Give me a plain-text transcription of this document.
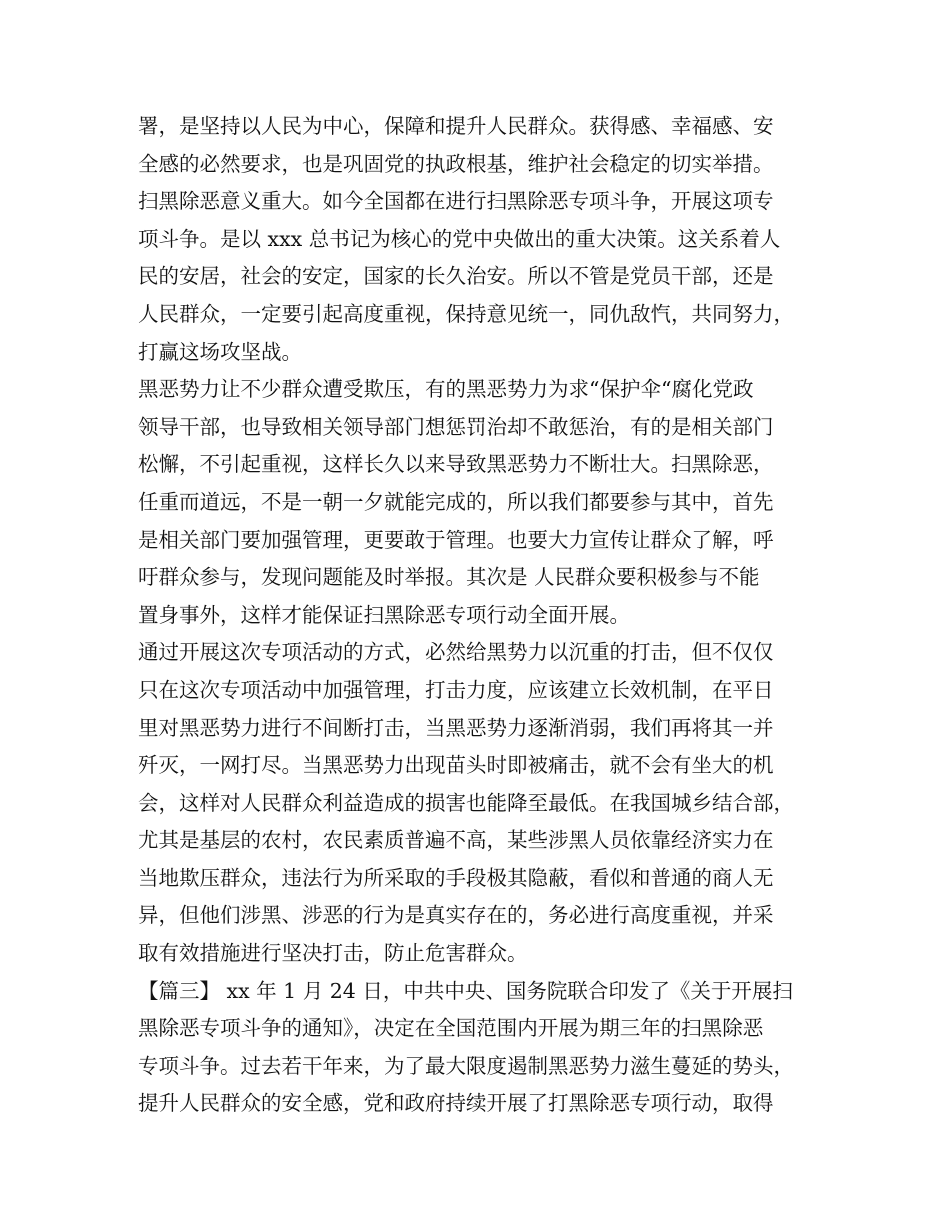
署，是坚持以人民为中心，保障和提升人民群众。获得感、幸福感、安
全感的必然要求，也是巩固党的执政根基，维护社会稳定的切实举措。
扫黑除恶意义重大。如今全国都在进行扫黑除恶专项斗争，开展这项专
项斗争。是以 xxx 总书记为核心的党中央做出的重大决策。这关系着人
民的安居，社会的安定，国家的长久治安。所以不管是党员干部，还是
人民群众，一定要引起高度重视，保持意见统一，同仇敌忾，共同努力，
打赢这场攻坚战。
黑恶势力让不少群众遭受欺压，有的黑恶势力为求“保护伞“腐化党政
领导干部，也导致相关领导部门想惩罚治却不敢惩治，有的是相关部门
松懈，不引起重视，这样长久以来导致黑恶势力不断壮大。扫黑除恶，
任重而道远，不是一朝一夕就能完成的，所以我们都要参与其中，首先
是相关部门要加强管理，更要敢于管理。也要大力宣传让群众了解，呼
吁群众参与，发现问题能及时举报。其次是 人民群众要积极参与不能
置身事外，这样才能保证扫黑除恶专项行动全面开展。
通过开展这次专项活动的方式，必然给黑势力以沉重的打击，但不仅仅
只在这次专项活动中加强管理，打击力度，应该建立长效机制，在平日
里对黑恶势力进行不间断打击，当黑恶势力逐渐消弱，我们再将其一并
歼灭，一网打尽。当黑恶势力出现苗头时即被痛击，就不会有坐大的机
会，这样对人民群众利益造成的损害也能降至最低。在我国城乡结合部，
尤其是基层的农村，农民素质普遍不高，某些涉黑人员依靠经济实力在
当地欺压群众，违法行为所采取的手段极其隐蔽，看似和普通的商人无
异，但他们涉黑、涉恶的行为是真实存在的，务必进行高度重视，并采
取有效措施进行坚决打击，防止危害群众。
【篇三】 xx 年 1 月 24 日，中共中央、国务院联合印发了《关于开展扫
黑除恶专项斗争的通知》，决定在全国范围内开展为期三年的扫黑除恶
专项斗争。过去若干年来，为了最大限度遏制黑恶势力滋生蔓延的势头，
提升人民群众的安全感，党和政府持续开展了打黑除恶专项行动，取得
